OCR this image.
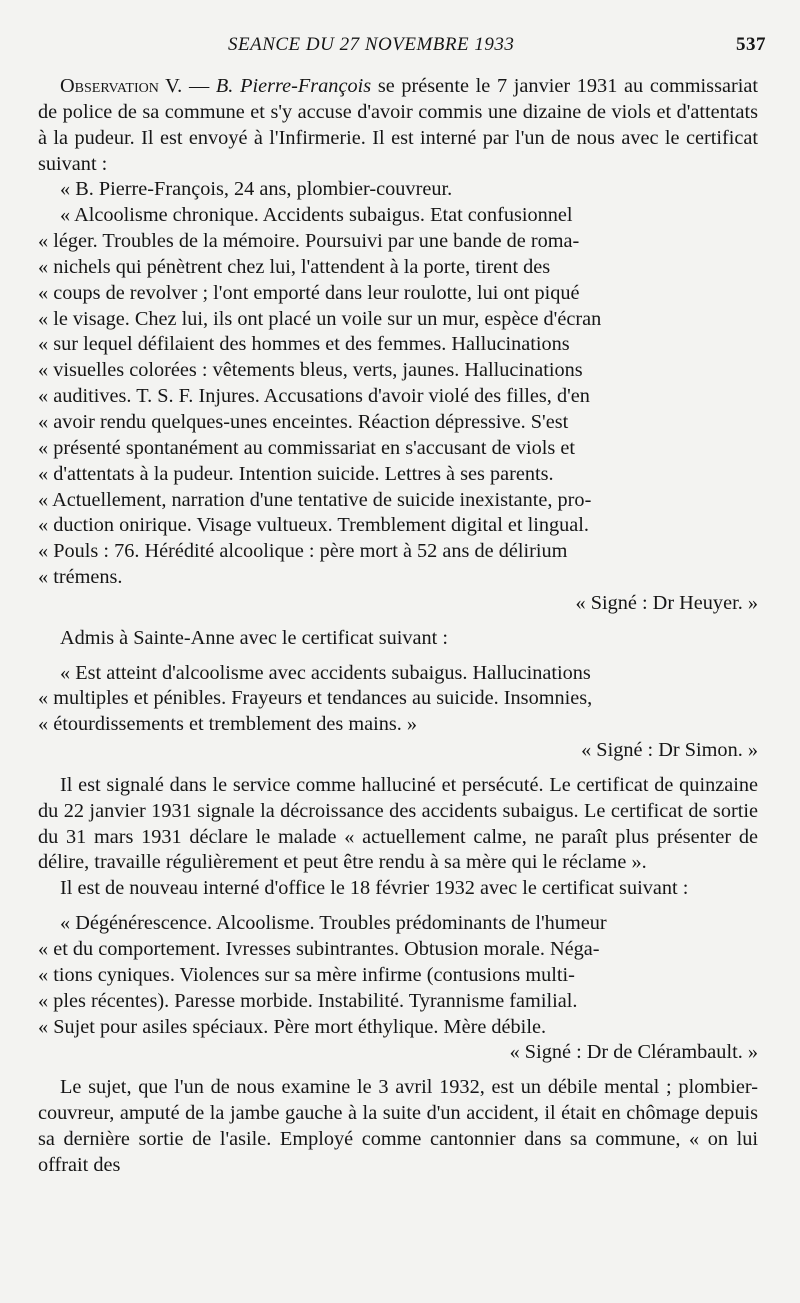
SEANCE DU 27 NOVEMBRE 1933	537

Observation V. — B. Pierre-François se présente le 7 janvier 1931 au commissariat de police de sa commune et s'y accuse d'avoir commis une dizaine de viols et d'attentats à la pudeur. Il est envoyé à l'Infirmerie. Il est interné par l'un de nous avec le certificat suivant :

« B. Pierre-François, 24 ans, plombier-couvreur.

« Alcoolisme chronique. Accidents subaigus. Etat confusionnel

« léger. Troubles de la mémoire. Poursuivi par une bande de roma-

« nichels qui pénètrent chez lui, l'attendent à la porte, tirent des

« coups de revolver ; l'ont emporté dans leur roulotte, lui ont piqué

« le visage. Chez lui, ils ont placé un voile sur un mur, espèce d'écran

« sur lequel défilaient des hommes et des femmes. Hallucinations

« visuelles colorées : vêtements bleus, verts, jaunes. Hallucinations

« auditives. T. S. F. Injures. Accusations d'avoir violé des filles, d'en

« avoir rendu quelques-unes enceintes. Réaction dépressive. S'est

« présenté spontanément au commissariat en s'accusant de viols et

« d'attentats à la pudeur. Intention suicide. Lettres à ses parents.

« Actuellement, narration d'une tentative de suicide inexistante, pro-

« duction onirique. Visage vultueux. Tremblement digital et lingual.

« Pouls : 76. Hérédité alcoolique : père mort à 52 ans de délirium

« trémens.

« Signé : Dr Heuyer. »

Admis à Sainte-Anne avec le certificat suivant :

« Est atteint d'alcoolisme avec accidents subaigus. Hallucinations

« multiples et pénibles. Frayeurs et tendances au suicide. Insomnies,

« étourdissements et tremblement des mains. »

« Signé : Dr Simon. »

Il est signalé dans le service comme halluciné et persécuté. Le certificat de quinzaine du 22 janvier 1931 signale la décroissance des accidents subaigus. Le certificat de sortie du 31 mars 1931 déclare le malade « actuellement calme, ne paraît plus présenter de délire, travaille régulièrement et peut être rendu à sa mère qui le réclame ».

Il est de nouveau interné d'office le 18 février 1932 avec le certificat suivant :

« Dégénérescence. Alcoolisme. Troubles prédominants de l'humeur

« et du comportement. Ivresses subintrantes. Obtusion morale. Néga-

« tions cyniques. Violences sur sa mère infirme (contusions multi-

« ples récentes). Paresse morbide. Instabilité. Tyrannisme familial.

« Sujet pour asiles spéciaux. Père mort éthylique. Mère débile.

« Signé : Dr de Clérambault. »

Le sujet, que l'un de nous examine le 3 avril 1932, est un débile mental ; plombier-couvreur, amputé de la jambe gauche à la suite d'un accident, il était en chômage depuis sa dernière sortie de l'asile. Employé comme cantonnier dans sa commune, « on lui offrait des
